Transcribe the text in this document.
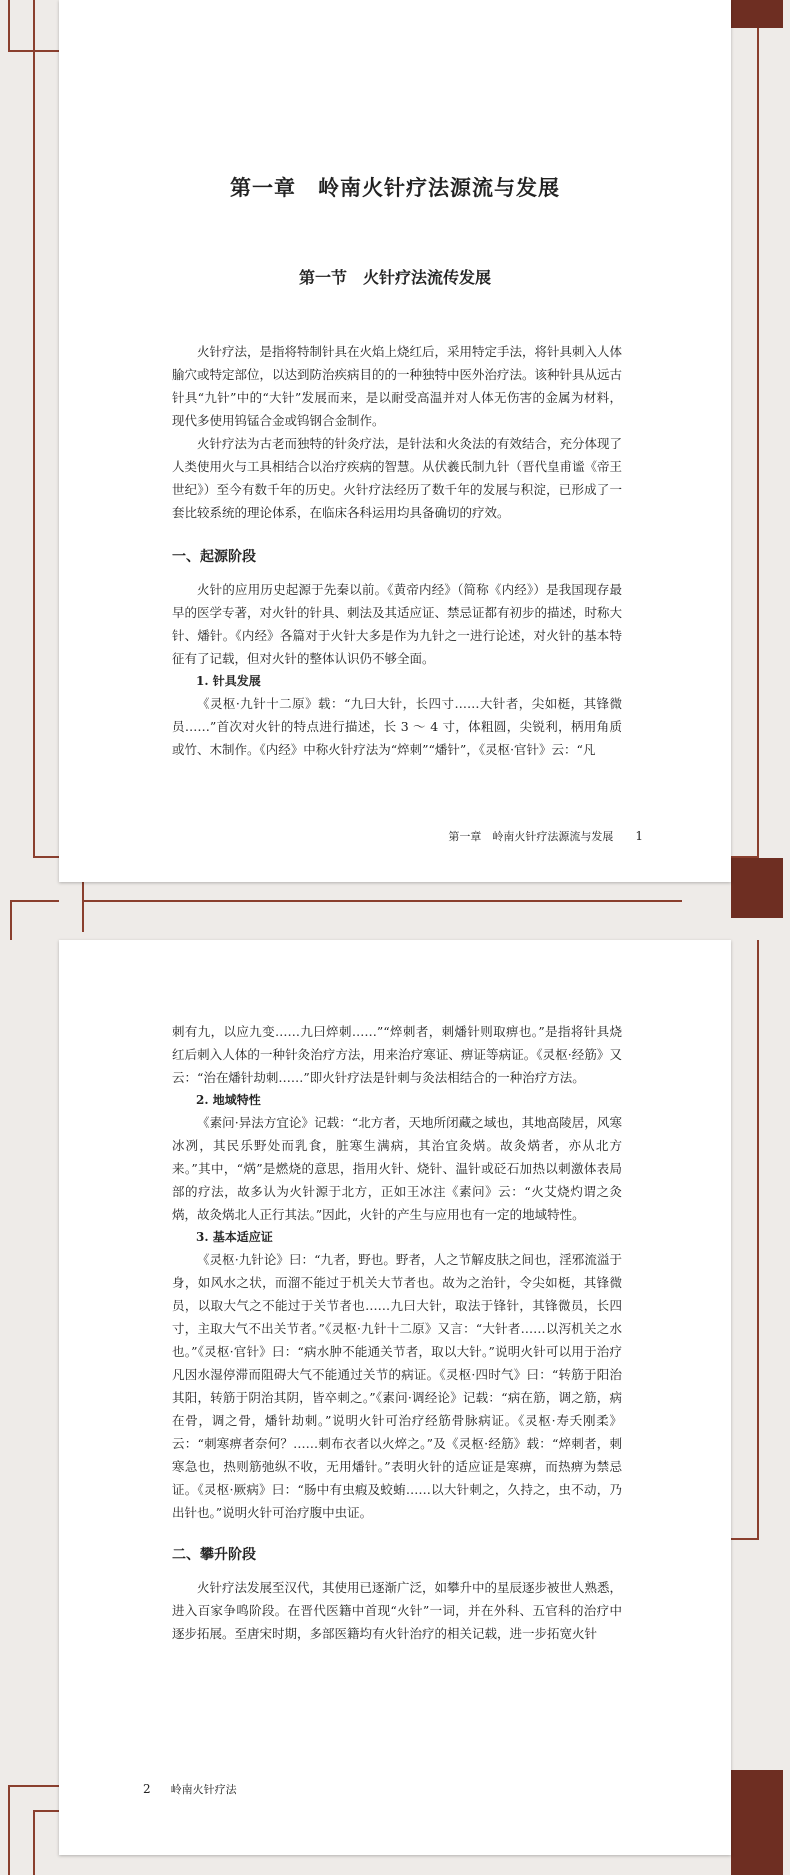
第一章　岭南火针疗法源流与发展
第一节　火针疗法流传发展

火针疗法，是指将特制针具在火焰上烧红后，采用特定手法，将针具刺入人体腧穴或特定部位，以达到防治疾病目的的一种独特中医外治疗法。该种针具从远古针具“九针”中的“大针”发展而来，是以耐受高温并对人体无伤害的金属为材料，现代多使用钨锰合金或钨钢合金制作。

火针疗法为古老而独特的针灸疗法，是针法和火灸法的有效结合，充分体现了人类使用火与工具相结合以治疗疾病的智慧。从伏羲氏制九针（晋代皇甫谧《帝王世纪》）至今有数千年的历史。火针疗法经历了数千年的发展与积淀，已形成了一套比较系统的理论体系，在临床各科运用均具备确切的疗效。

一、起源阶段

火针的应用历史起源于先秦以前。《黄帝内经》（简称《内经》）是我国现存最早的医学专著，对火针的针具、刺法及其适应证、禁忌证都有初步的描述，时称大针、燔针。《内经》各篇对于火针大多是作为九针之一进行论述，对火针的基本特征有了记载，但对火针的整体认识仍不够全面。

1. 针具发展

《灵枢·九针十二原》载：“九曰大针，长四寸……大针者，尖如梃，其锋微员……”首次对火针的特点进行描述，长 3 ～ 4 寸，体粗圆，尖锐利，柄用角质或竹、木制作。《内经》中称火针疗法为“焠刺”“燔针”，《灵枢·官针》云：“凡

第一章　岭南火针疗法源流与发展 1

刺有九，以应九变……九曰焠刺……”“焠刺者，刺燔针则取痹也。”是指将针具烧红后刺入人体的一种针灸治疗方法，用来治疗寒证、痹证等病证。《灵枢·经筋》又云：“治在燔针劫刺……”即火针疗法是针刺与灸法相结合的一种治疗方法。

2. 地域特性

《素问·异法方宜论》记载：“北方者，天地所闭藏之域也，其地高陵居，风寒冰冽，其民乐野处而乳食，脏寒生满病，其治宜灸焫。故灸焫者，亦从北方来。”其中，“焫”是燃烧的意思，指用火针、烧针、温针或砭石加热以刺激体表局部的疗法，故多认为火针源于北方，正如王冰注《素问》云：“火艾烧灼谓之灸焫，故灸焫北人正行其法。”因此，火针的产生与应用也有一定的地域特性。

3. 基本适应证

《灵枢·九针论》曰：“九者，野也。野者，人之节解皮肤之间也，淫邪流溢于身，如风水之状，而溜不能过于机关大节者也。故为之治针，令尖如梃，其锋微员，以取大气之不能过于关节者也……九曰大针，取法于锋针，其锋微员，长四寸，主取大气不出关节者。”《灵枢·九针十二原》又言：“大针者……以泻机关之水也。”《灵枢·官针》曰：“病水肿不能通关节者，取以大针。”说明火针可以用于治疗凡因水湿停滞而阻碍大气不能通过关节的病证。《灵枢·四时气》曰：“转筋于阳治其阳，转筋于阴治其阴，皆卒刺之。”《素问·调经论》记载：“病在筋，调之筋，病在骨，调之骨，燔针劫刺。”说明火针可治疗经筋骨脉病证。《灵枢·寿夭刚柔》云：“刺寒痹者奈何？……刺布衣者以火焠之。”及《灵枢·经筋》载：“焠刺者，刺寒急也，热则筋弛纵不收，无用燔针。”表明火针的适应证是寒痹，而热痹为禁忌证。《灵枢·厥病》曰：“肠中有虫瘕及蛟蛕……以大针刺之，久持之，虫不动，乃出针也。”说明火针可治疗腹中虫证。

二、攀升阶段

火针疗法发展至汉代，其使用已逐渐广泛，如攀升中的星辰逐步被世人熟悉，进入百家争鸣阶段。在晋代医籍中首现“火针”一词，并在外科、五官科的治疗中逐步拓展。至唐宋时期，多部医籍均有火针治疗的相关记载，进一步拓宽火针

2 岭南火针疗法
